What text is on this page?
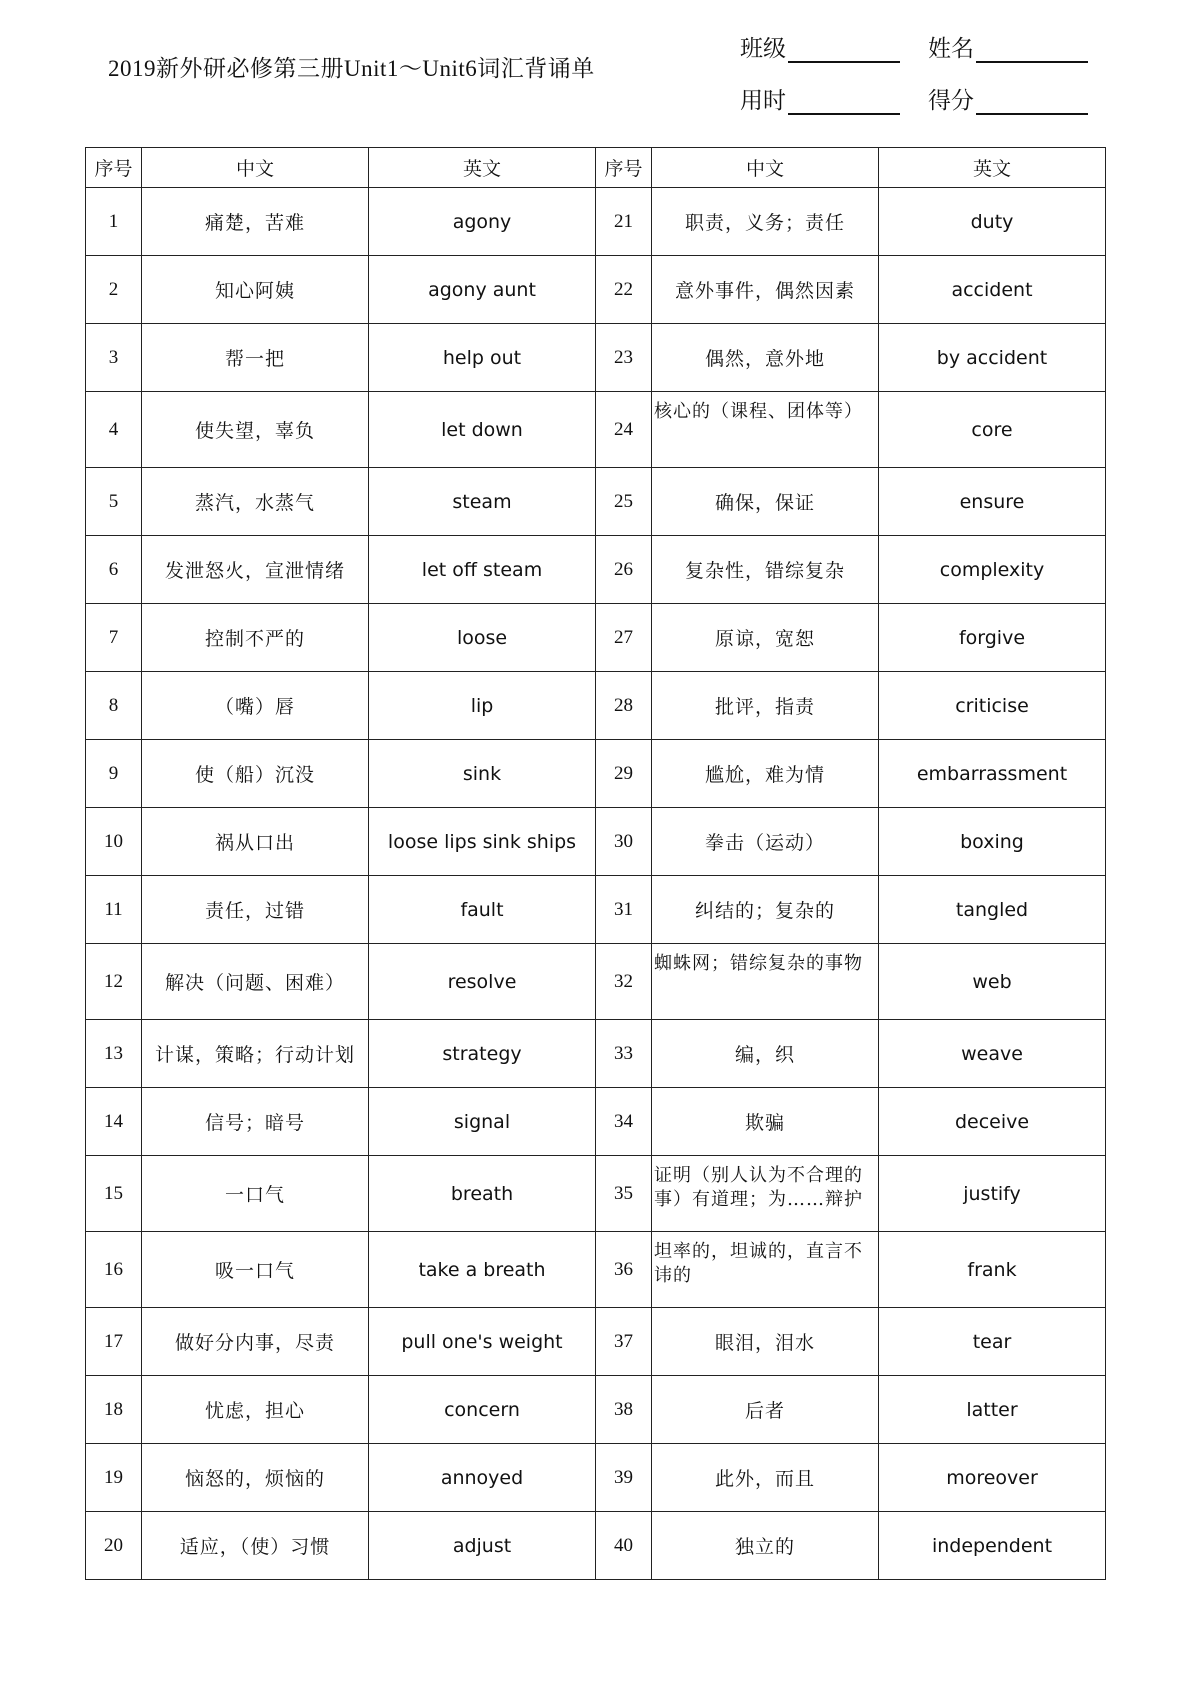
2019新外研必修第三册Unit1～Unit6词汇背诵单
班级	姓名
用时	得分
序号	中文	英文	序号	中文	英文
1	痛楚，苦难	agony	21	职责，义务；责任	duty
2	知心阿姨	agony aunt	22	意外事件，偶然因素	accident
3	帮一把	help out	23	偶然，意外地	by accident
4	使失望，辜负	let down	24	核心的（课程、团体等）	core
5	蒸汽，水蒸气	steam	25	确保，保证	ensure
6	发泄怒火，宣泄情绪	let off steam	26	复杂性，错综复杂	complexity
7	控制不严的	loose	27	原谅，宽恕	forgive
8	（嘴）唇	lip	28	批评，指责	criticise
9	使（船）沉没	sink	29	尴尬，难为情	embarrassment
10	祸从口出	loose lips sink ships	30	拳击（运动）	boxing
11	责任，过错	fault	31	纠结的；复杂的	tangled
12	解决（问题、困难）	resolve	32	蜘蛛网；错综复杂的事物	web
13	计谋，策略；行动计划	strategy	33	编，织	weave
14	信号；暗号	signal	34	欺骗	deceive
15	一口气	breath	35	证明（别人认为不合理的事）有道理；为……辩护	justify
16	吸一口气	take a breath	36	坦率的，坦诚的，直言不讳的	frank
17	做好分内事，尽责	pull one's weight	37	眼泪，泪水	tear
18	忧虑，担心	concern	38	后者	latter
19	恼怒的，烦恼的	annoyed	39	此外，而且	moreover
20	适应，（使）习惯	adjust	40	独立的	independent
